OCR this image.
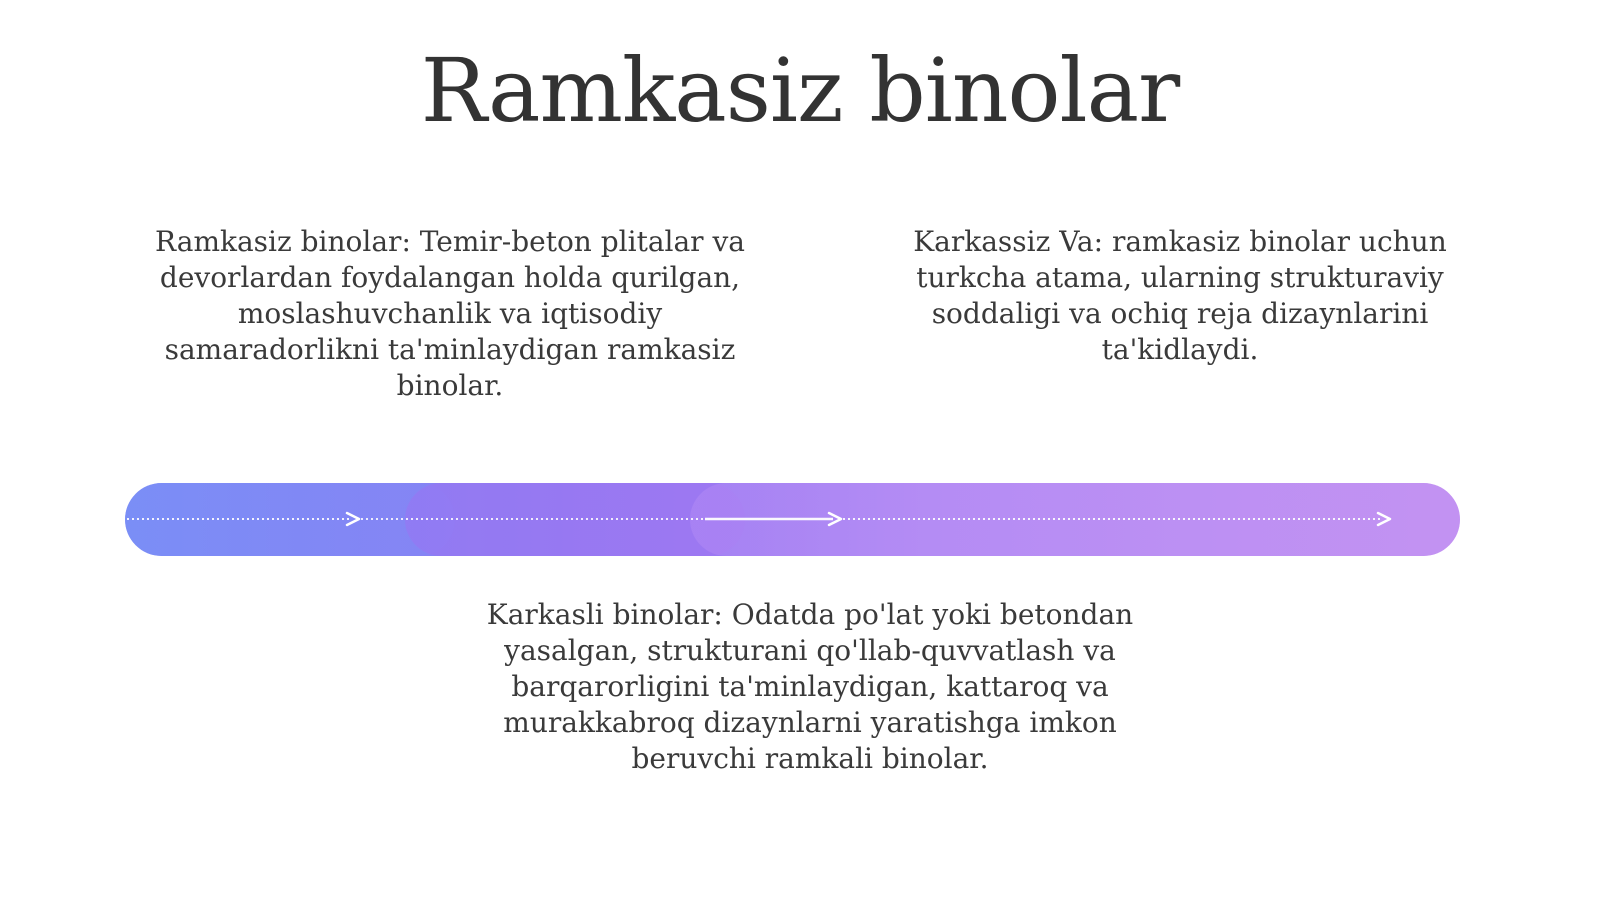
Ramkasiz binolar
Ramkasiz binolar: Temir-beton plitalar va devorlardan foydalangan holda qurilgan, moslashuvchanlik va iqtisodiy samaradorlikni ta'minlaydigan ramkasiz binolar.
Karkassiz Va: ramkasiz binolar uchun turkcha atama, ularning strukturaviy soddaligi va ochiq reja dizaynlarini ta'kidlaydi.
Karkasli binolar: Odatda po'lat yoki betondan yasalgan, strukturani qo'llab-quvvatlash va barqarorligini ta'minlaydigan, kattaroq va murakkabroq dizaynlarni yaratishga imkon beruvchi ramkali binolar.
